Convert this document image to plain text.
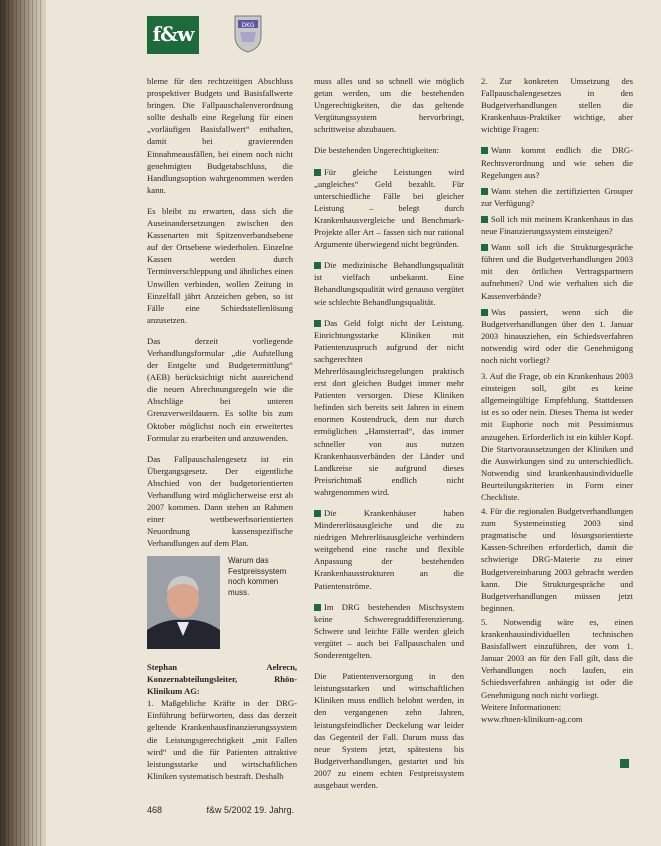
f&w	DKG

bleme für den rechtzeitigen Abschluss prospektiver Budgets und Basisfallwerte bringen. Die Fallpauschalenverordnung sollte deshalb eine Regelung für einen „vorläufigen Basisfallwert“ enthalten, damit bei gravierenden Einnahmeausfällen, bei einem noch nicht genehmigten Budgetabschluss, die Handlungsoption wahrgenommen werden kann.

Es bleibt zu erwarten, dass sich die Auseinandersetzungen zwischen den Kassenarten mit Spitzenverbandsebene auf der Ortsebene wiederholen. Einzelne Kassen werden durch Terminverschleppung und ähnliches einen Unwillen verbinden, wollen Zeitung in Einzelfall jährt Anzeichen geben, so ist Fälle eine Schiedsstellenlösung anzusetzen.

Das derzeit vorliegende Verhandlungsformular „die Aufstellung der Entgelte und Budgetermittlung“ (AEB) berücksichtigt nicht ausreichend die neuen Abrechnungsregeln wie die Abschläge bei unteren Grenzverweildauern. Es sollte bis zum Oktober möglichst noch ein erweitertes Formular zu erarbeiten und anzuwenden.

Das Fallpauschalengesetz ist ein Übergangsgesetz. Der eigentliche Abschied von der budgetorientierten Verhandlung wird möglicherweise erst ab 2007 kommen. Dann stehen an Rahmen einer wettbewerbsorientierten Neuordnung kassenspezifische Verhandlungen auf dem Plan.

Warum das Festpreissystem noch kommen muss.
Stephan Aelrecn, Konzernabteilungsleiter, Rhön-Klinikum AG:
1. Maßgebliche Kräfte in der DRG-Einführung befürworten, dass das derzeit geltende Krankenhausfinanzierungssystem die Leistungsgerechtigkeit „mit Fallen wird“ und die für Patienten attraktive leistungsstarke und wirtschaftlichen Kliniken systematisch bestraft. Deshalb

muss alles und so schnell wie möglich getan werden, um die bestehenden Ungerechtigkeiten, die das geltende Vergütungssystem hervorbringt, schrittweise abzubauen.

Die bestehenden Ungerechtigkeiten:

Für gleiche Leistungen wird „ungleiches“ Geld bezahlt. Für unterschiedliche Fälle bei gleicher Leistung – belegt durch Krankenhausvergleiche und Benchmark-Projekte aller Art – fassen sich nur rational Argumente überwiegend nicht begründen.

Die medizinische Behandlungsqualität ist vielfach unbekannt. Eine Behandlungsqualität wird genauso vergütet wie schlechte Behandlungsqualität.

Das Geld folgt nicht der Leistung. Einrichtungsstarke Kliniken mit Patientenzuspruch aufgrund der nicht sachgerechten Mehrerlösausgleichsregelungen praktisch erst dort gleichen Budget immer mehr Patienten versorgen. Diese Kliniken befinden sich bereits seit Jahren in einem enormen Kostendruck, dem nur durch ermöglichen „Hamsterrad“, das immer schneller von aus nutzen Krankenhausverbänden der Länder und Landkreise sie aufgrund dieses Preisrichtmaß endlich nicht wahrgenommen wird.

Die Krankenhäuser haben Mindererlösausgleiche und die zu niedrigen Mehrerlösausgleiche verhindern weitgehend eine rasche und flexible Anpassung der bestehenden Krankenhausstrukturen an die Patientenströme.

Im DRG bestehenden Mischsystem keine Schweregraddifferenzierung. Schwere und leichte Fälle werden gleich vergütet – auch bei Fallpauschalen und Sonderentgelten.

Die Patientenversorgung in den leistungsstarken und wirtschaftlichen Kliniken muss endlich belohnt werden, in den vergangenen zehn Jahren, leistungsfeindlicher Deckelung war leider das Gegenteil der Fall. Darum muss das neue System jetzt, spätestens bis Budgetverhandlungen, gestartet und bis 2007 zu einem echten Festpreissystem ausgebaut werden.

2. Zur konkreten Umsetzung des Fallpauschalengesetzes in den Budgetverhandlungen stellen die Krankenhaus-Praktiker wichtige, aber wichtige Fragen:

Wann kommt endlich die DRG-Rechtsverordnung und wie sehen die Regelungen aus?

Wann stehen die zertifizierten Grouper zur Verfügung?

Soll ich mit meinem Krankenhaus in das neue Finanzierungssystem einsteigen?

Wann soll ich die Strukturgespräche führen und die Budgetverhandlungen 2003 mit den örtlichen Vertragspartnern aufnehmen? Und wie verhalten sich die Kassenverbände?

Was passiert, wenn sich die Budgetverhandlungen über den 1. Januar 2003 hinausziehen, ein Schiedsverfahren notwendig wird oder die Genehmigung noch nicht vorliegt?

3. Auf die Frage, ob ein Krankenhaus 2003 einsteigen soll, gibt es keine allgemeingültige Empfehlung. Stattdessen ist es so oder nein. Dieses Thema ist weder mit Euphorie noch mit Pessimismus anzugehen. Erforderlich ist ein kühler Kopf. Die Startvoraussetzungen der Kliniken und die Auswirkungen sind zu unterschiedlich. Notwendig sind krankenhausindividuelle Beurteilungskriterien in Form einer Checkliste.

4. Für die regionalen Budgetverhandlungen zum Systemeinstieg 2003 sind pragmatische und lösungsorientierte Kassen-Schreiben erforderlich, damit die schwierige DRG-Materie zu einer Budgetvereinbarung 2003 gebracht werden kann. Die Strukturgespräche und Budgetverhandlungen müssen jetzt beginnen.

5. Notwendig wäre es, einen krankenhausindividuellen technischen Basisfallwert einzuführen, der vom 1. Januar 2003 an für den Fall gilt, dass die Verhandlungen noch laufen, ein Schiedsverfahren anhängig ist oder die Genehmigung noch nicht vorliegt.

Weitere Informationen:
www.rhoen-klinikum-ag.com
468	f&w 5/2002 19. Jahrg.
